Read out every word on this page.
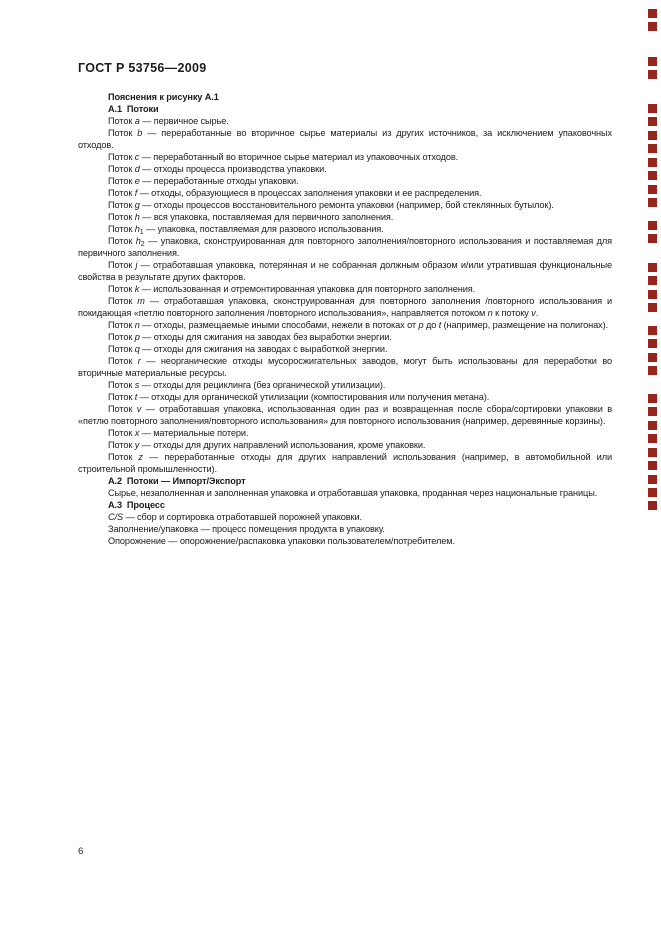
ГОСТ Р 53756—2009

Пояснения к рисунку А.1

А.1  Потоки

Поток a — первичное сырье.

Поток b — переработанные во вторичное сырье материалы из других источников, за исключением упаковочных отходов.

Поток c — переработанный во вторичное сырье материал из упаковочных отходов.

Поток d — отходы процесса производства упаковки.

Поток e — переработанные отходы упаковки.

Поток f — отходы, образующиеся в процессах заполнения упаковки и ее распределения.

Поток g — отходы процессов восстановительного ремонта упаковки (например, бой стеклянных бутылок).

Поток h — вся упаковка, поставляемая для первичного заполнения.

Поток $h_1$ — упаковка, поставляемая для разового использования.

Поток $h_2$ — упаковка, сконструированная для повторного заполнения/повторного использования и поставляемая для первичного заполнения.

Поток j — отработавшая упаковка, потерянная и не собранная должным образом и/или утратившая функциональные свойства в результате других факторов.

Поток k — использованная и отремонтированная упаковка для повторного заполнения.

Поток m — отработавшая упаковка, сконструированная для повторного заполнения /повторного использования и покидающая «петлю повторного заполнения /повторного использования», направляется потоком n к потоку v.

Поток n — отходы, размещаемые иными способами, нежели в потоках от p до t (например, размещение на полигонах).

Поток p — отходы для сжигания на заводах без выработки энергии.

Поток q — отходы для сжигания на заводах с выработкой энергии.

Поток r — неорганические отходы мусоросжигательных заводов, могут быть использованы для переработки во вторичные материальные ресурсы.

Поток s — отходы для рециклинга (без органической утилизации).

Поток t — отходы для органической утилизации (компостирования или получения метана).

Поток v — отработавшая упаковка, использованная один раз и возвращенная после сбора/сортировки упаковки в «петлю повторного заполнения/повторного использования» для повторного использования (например, деревянные корзины).

Поток x — материальные потери.

Поток y — отходы для других направлений использования, кроме упаковки.

Поток z — переработанные отходы для других направлений использования (например, в автомобильной или строительной промышленности).

А.2  Потоки — Импорт/Экспорт

Сырье, незаполненная и заполненная упаковка и отработавшая упаковка, проданная через национальные границы.

А.3  Процесс

C/S — сбор и сортировка отработавшей порожней упаковки.

Заполнение/упаковка — процесс помещения продукта в упаковку.

Опорожнение — опорожнение/распаковка упаковки пользователем/потребителем.

6
